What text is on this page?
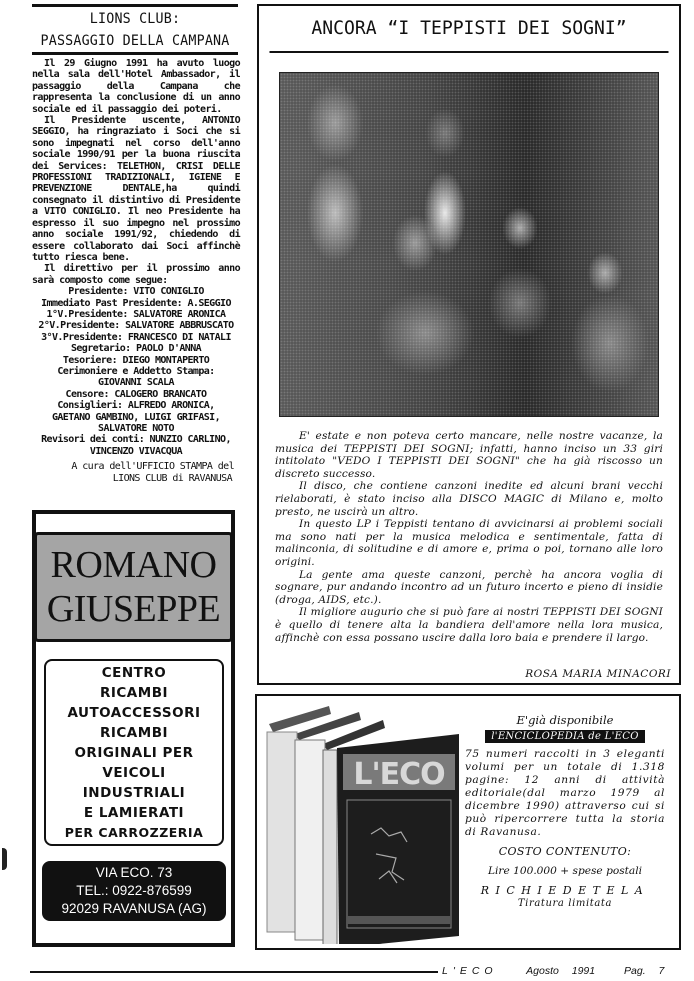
LIONS CLUB:
PASSAGGIO DELLA CAMPANA

Il 29 Giugno 1991 ha avuto luogo nella sala dell'Hotel Ambassador, il passaggio della Campana che rappresenta la conclusione di un anno sociale ed il passaggio dei poteri.

Il Presidente uscente, ANTONIO SEGGIO, ha ringraziato i Soci che si sono impegnati nel corso dell'anno sociale 1990/91 per la buona riuscita dei Services: TELETHON, CRISI DELLE PROFESSIONI TRADIZIONALI, IGIENE E PREVENZIONE DENTALE,ha quindi consegnato il distintivo di Presidente a VITO CONIGLIO. Il neo Presidente ha espresso il suo impegno nel prossimo anno sociale 1991/92, chiedendo di essere collaborato dai Soci affinchè tutto riesca bene.

Il direttivo per il prossimo anno sarà composto come segue:

Presidente: VITO CONIGLIO
Immediato Past Presidente: A.SEGGIO
1°V.Presidente: SALVATORE ARONICA
2°V.Presidente: SALVATORE ABBRUSCATO
3°V.Presidente: FRANCESCO DI NATALI
Segretario: PAOLO D'ANNA
Tesoriere: DIEGO MONTAPERTO
Cerimoniere e Addetto Stampa:
GIOVANNI SCALA
Censore: CALOGERO BRANCATO
Consiglieri: ALFREDO ARONICA,
GAETANO GAMBINO, LUIGI GRIFASI,
SALVATORE NOTO
Revisori dei conti: NUNZIO CARLINO,
VINCENZO VIVACQUA
A cura dell'UFFICIO STAMPA del
LIONS CLUB di RAVANUSA
ROMANO
GIUSEPPE
CENTRO
RICAMBI
AUTOACCESSORI
RICAMBI
ORIGINALI PER
VEICOLI
INDUSTRIALI
E LAMIERATI
PER CARROZZERIA
VIA ECO. 73
TEL.: 0922-876599
92029 RAVANUSA (AG)
ANCORA “I TEPPISTI DEI SOGNI”

E' estate e non poteva certo mancare, nelle nostre vacanze, la musica dei TEPPISTI DEI SOGNI; infatti, hanno inciso un 33 giri intitolato "VEDO I TEPPISTI DEI SOGNI" che ha già riscosso un discreto successo.

Il disco, che contiene canzoni inedite ed alcuni brani vecchi rielaborati, è stato inciso alla DISCO MAGIC di Milano e, molto presto, ne uscirà un altro.

In questo LP i Teppisti tentano di avvicinarsi ai problemi sociali ma sono nati per la musica melodica e sentimentale, fatta di malinconia, di solitudine e di amore e, prima o poi, tornano alle loro origini.

La gente ama queste canzoni, perchè ha ancora voglia di sognare, pur andando incontro ad un futuro incerto e pieno di insidie (droga, AIDS, etc.).

Il migliore augurio che si può fare ai nostri TEPPISTI DEI SOGNI è quello di tenere alta la bandiera dell'amore nella lora musica, affinchè con essa possano uscire dalla loro baia e prendere il largo.

ROSA MARIA MINACORI
L'ECO
E'già disponibile
l'ENCICLOPEDIA de L'ECO
75 numeri raccolti in 3 eleganti volumi per un totale di 1.318 pagine: 12 anni di attività editoriale(dal marzo 1979 al dicembre 1990) attraverso cui si può ripercorrere tutta la storia di Ravanusa.
COSTO CONTENUTO:
Lire 100.000 + spese postali
RICHIEDETELA
Tiratura limitata
L'ECO	Agosto 1991	Pag. 7
